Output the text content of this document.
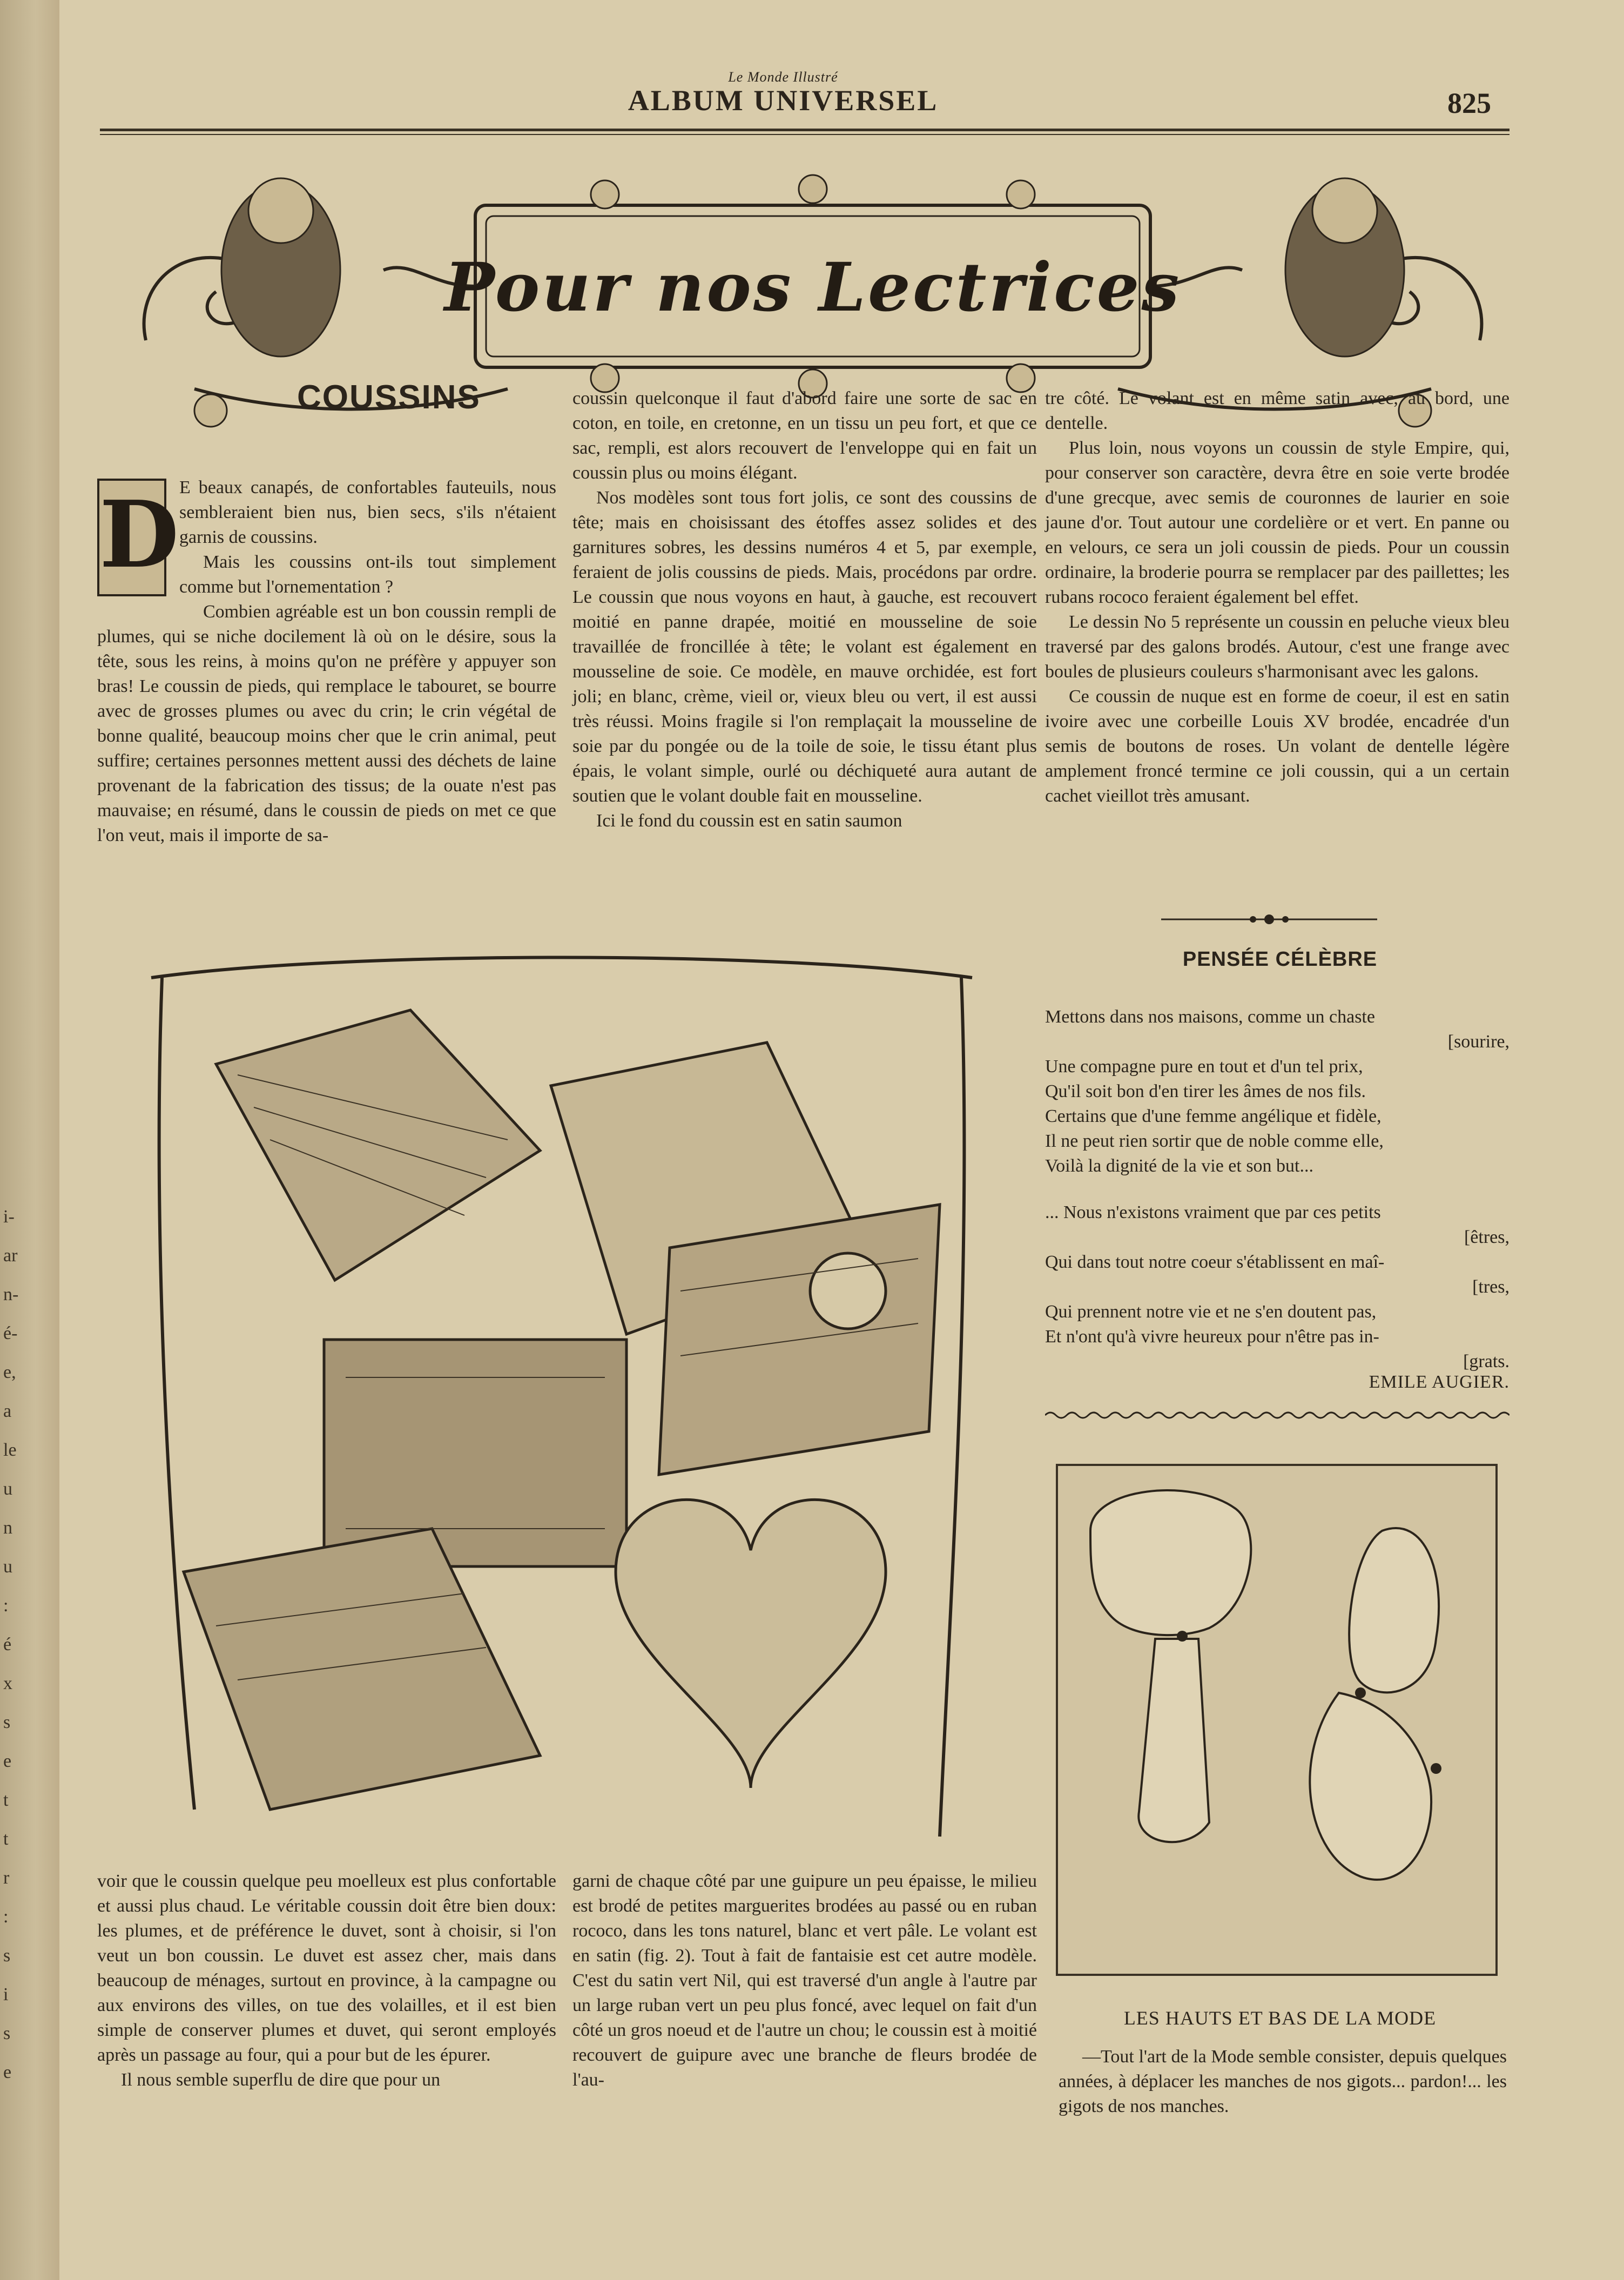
i-
ar
n-
é-
e,
a
le
u
n
u
:
é
x
s
e
t
t
r
:
s
i
s
e
Le Monde Illustré
ALBUM UNIVERSEL	825
Pour nos Lectrices
COUSSINS
D E beaux canapés, de confortables fauteuils, nous sembleraient bien nus, bien secs, s'ils n'étaient garnis de coussins.

Mais les coussins ont-ils tout simplement comme but l'ornementation ?

Combien agréable est un bon coussin rempli de plumes, qui se niche docilement là où on le désire, sous la tête, sous les reins, à moins qu'on ne préfère y appuyer son bras! Le coussin de pieds, qui remplace le tabouret, se bourre avec de grosses plumes ou avec du crin; le crin végétal de bonne qualité, beaucoup moins cher que le crin animal, peut suffire; certaines personnes mettent aussi des déchets de laine provenant de la fabrication des tissus; de la ouate n'est pas mauvaise; en résumé, dans le coussin de pieds on met ce que l'on veut, mais il importe de sa-

coussin quelconque il faut d'abord faire une sorte de sac en coton, en toile, en cretonne, en un tissu un peu fort, et que ce sac, rempli, est alors recouvert de l'enveloppe qui en fait un coussin plus ou moins élégant.

Nos modèles sont tous fort jolis, ce sont des coussins de tête; mais en choisissant des étoffes assez solides et des garnitures sobres, les dessins numéros 4 et 5, par exemple, feraient de jolis coussins de pieds. Mais, procédons par ordre. Le coussin que nous voyons en haut, à gauche, est recouvert moitié en panne drapée, moitié en mousseline de soie travaillée de froncillée à tête; le volant est également en mousseline de soie. Ce modèle, en mauve orchidée, est fort joli; en blanc, crème, vieil or, vieux bleu ou vert, il est aussi très réussi. Moins fragile si l'on remplaçait la mousseline de soie par du pongée ou de la toile de soie, le tissu étant plus épais, le volant simple, ourlé ou déchiqueté aura autant de soutien que le volant double fait en mousseline.

Ici le fond du coussin est en satin saumon

tre côté. Le volant est en même satin avec, au bord, une dentelle.

Plus loin, nous voyons un coussin de style Empire, qui, pour conserver son caractère, devra être en soie verte brodée d'une grecque, avec semis de couronnes de laurier en soie jaune d'or. Tout autour une cordelière or et vert. En panne ou en velours, ce sera un joli coussin de pieds. Pour un coussin ordinaire, la broderie pourra se remplacer par des paillettes; les rubans rococo feraient également bel effet.

Le dessin No 5 représente un coussin en peluche vieux bleu traversé par des galons brodés. Autour, c'est une frange avec boules de plusieurs couleurs s'harmonisant avec les galons.

Ce coussin de nuque est en forme de coeur, il est en satin ivoire avec une corbeille Louis XV brodée, encadrée d'un semis de boutons de roses. Un volant de dentelle légère amplement froncé termine ce joli coussin, qui a un certain cachet vieillot très amusant.

voir que le coussin quelque peu moelleux est plus confortable et aussi plus chaud. Le véritable coussin doit être bien doux: les plumes, et de préférence le duvet, sont à choisir, si l'on veut un bon coussin. Le duvet est assez cher, mais dans beaucoup de ménages, surtout en province, à la campagne ou aux environs des villes, on tue des volailles, et il est bien simple de conserver plumes et duvet, qui seront employés après un passage au four, qui a pour but de les épurer.

Il nous semble superflu de dire que pour un

garni de chaque côté par une guipure un peu épaisse, le milieu est brodé de petites marguerites brodées au passé ou en ruban rococo, dans les tons naturel, blanc et vert pâle. Le volant est en satin (fig. 2). Tout à fait de fantaisie est cet autre modèle. C'est du satin vert Nil, qui est traversé d'un angle à l'autre par un large ruban vert un peu plus foncé, avec lequel on fait d'un côté un gros noeud et de l'autre un chou; le coussin est à moitié recouvert de guipure avec une branche de fleurs brodée de l'au-

PENSÉE CÉLÈBRE
Mettons dans nos maisons, comme un chaste
[sourire,
Une compagne pure en tout et d'un tel prix,
Qu'il soit bon d'en tirer les âmes de nos fils.
Certains que d'une femme angélique et fidèle,
Il ne peut rien sortir que de noble comme elle,
Voilà la dignité de la vie et son but...
... Nous n'existons vraiment que par ces petits
[êtres,
Qui dans tout notre coeur s'établissent en maî-
[tres,
Qui prennent notre vie et ne s'en doutent pas,
Et n'ont qu'à vivre heureux pour n'être pas in-
[grats.
EMILE AUGIER.
LES HAUTS ET BAS DE LA MODE

—Tout l'art de la Mode semble consister, depuis quelques années, à déplacer les manches de nos gigots... pardon!... les gigots de nos manches.
